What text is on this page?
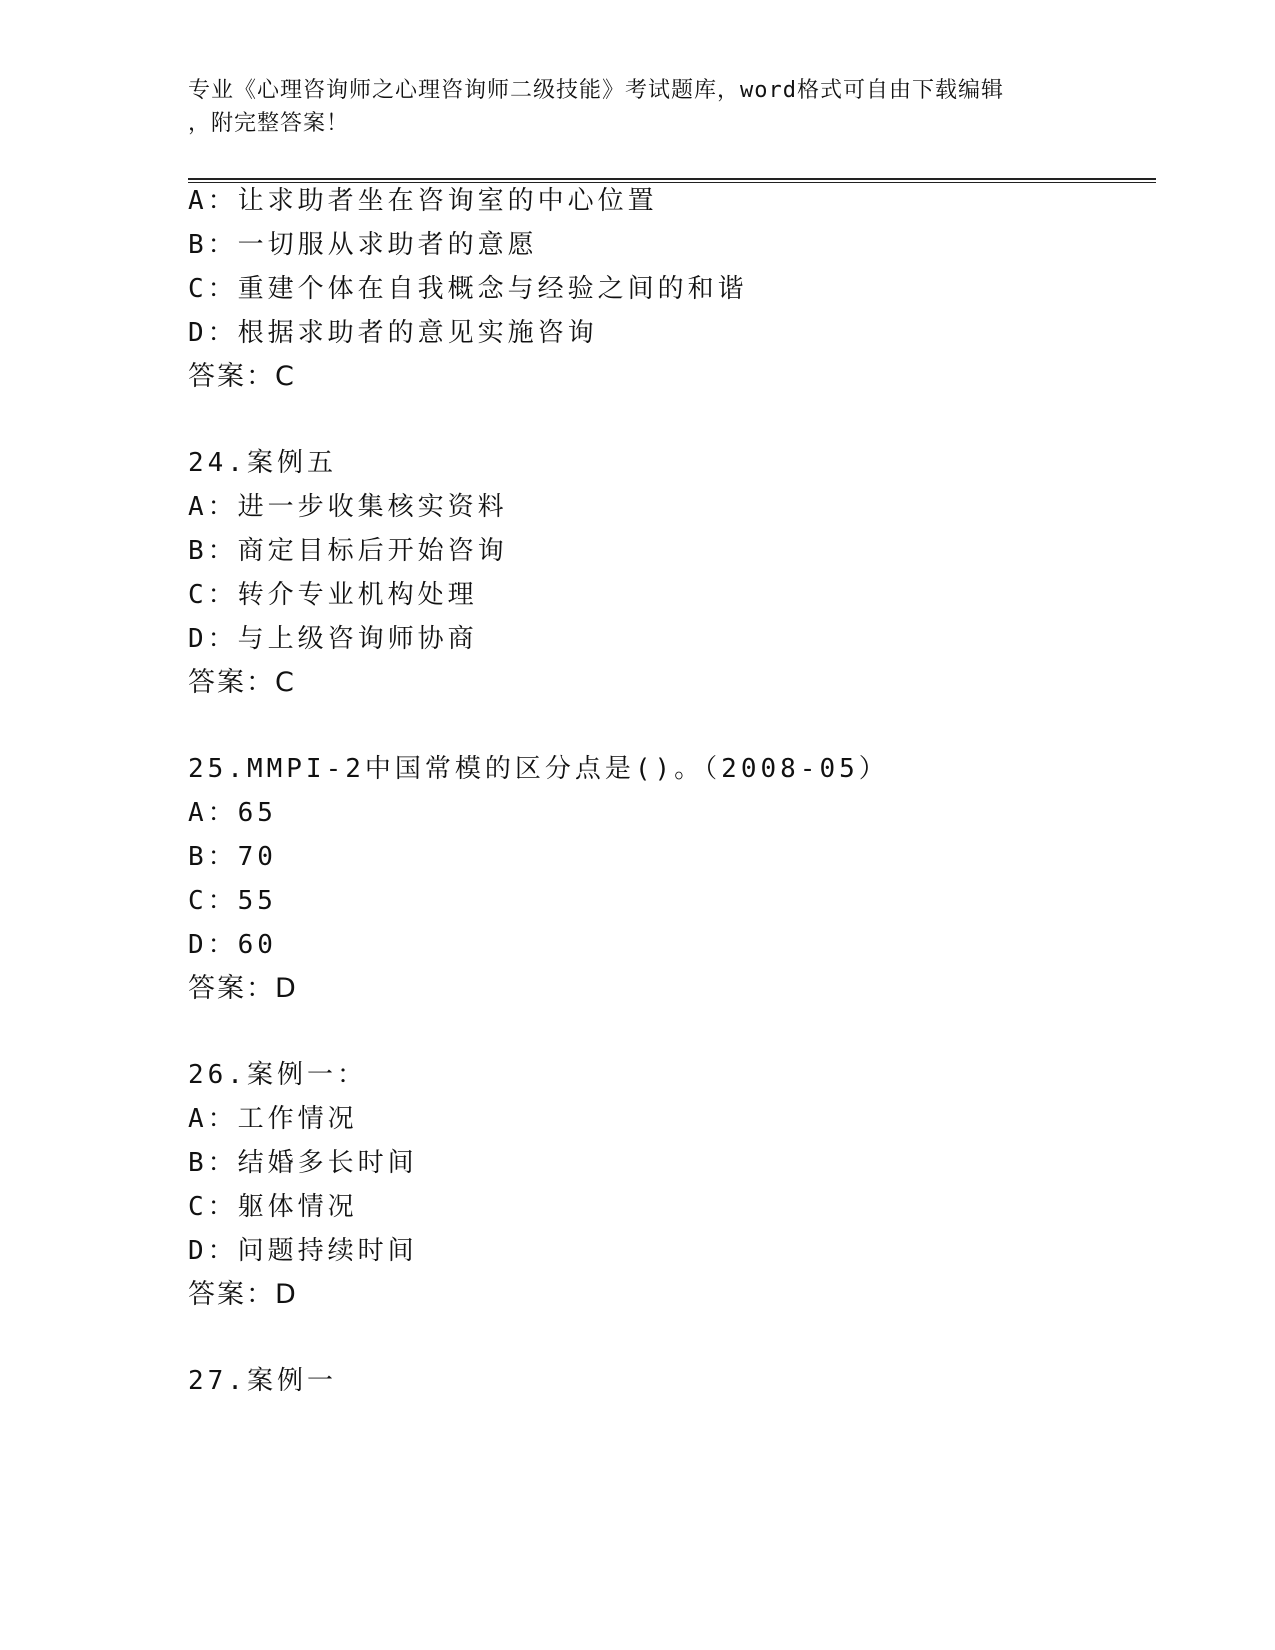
专业《心理咨询师之心理咨询师二级技能》考试题库，word格式可自由下载编辑
，附完整答案！
A：让求助者坐在咨询室的中心位置
B：一切服从求助者的意愿
C：重建个体在自我概念与经验之间的和谐
D：根据求助者的意见实施咨询
答案：C
24.案例五
A：进一步收集核实资料
B：商定目标后开始咨询
C：转介专业机构处理
D：与上级咨询师协商
答案：C
25.MMPI-2中国常模的区分点是()。（2008-05）
A：65
B：70
C：55
D：60
答案：D
26.案例一：
A：工作情况
B：结婚多长时间
C：躯体情况
D：问题持续时间
答案：D
27.案例一
